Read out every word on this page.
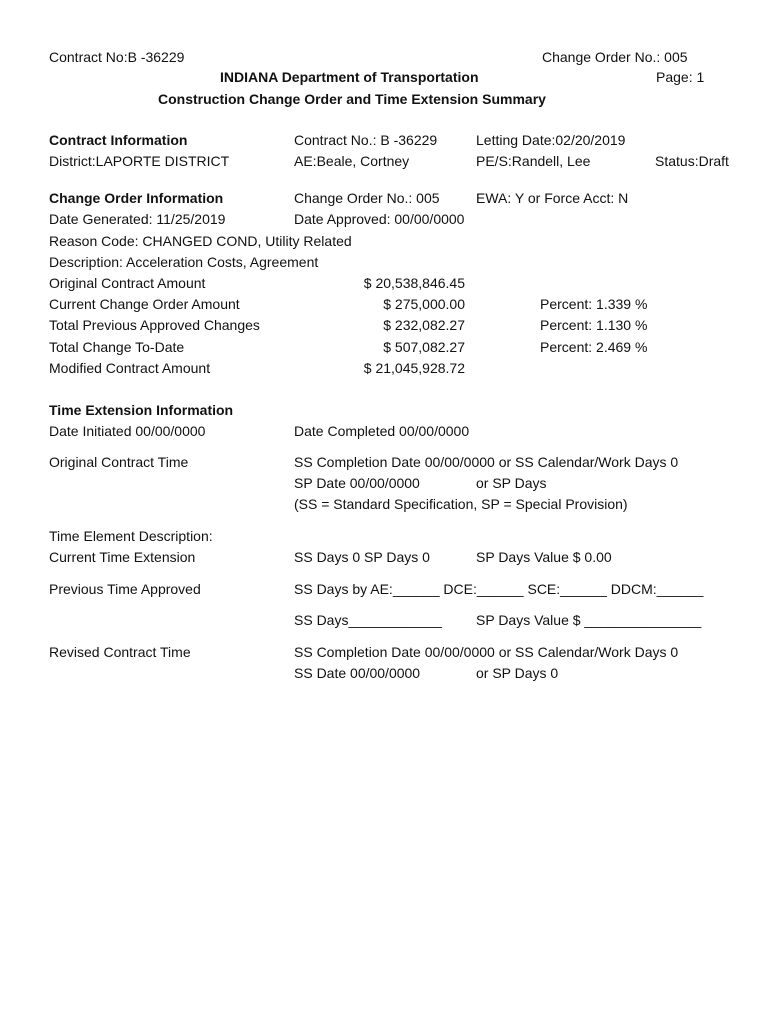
Contract No:B -36229	Change Order No.: 005
INDIANA Department of Transportation	Page: 1
Construction Change Order and Time Extension Summary
Contract Information	Contract No.: B -36229	Letting Date:02/20/2019
District:LAPORTE DISTRICT	AE:Beale, Cortney	PE/S:Randell, Lee	Status:Draft
Change Order Information	Change Order No.: 005	EWA: Y or Force Acct: N
Date Generated: 11/25/2019	Date Approved: 00/00/0000
Reason Code: CHANGED COND, Utility Related
Description: Acceleration Costs, Agreement
Original Contract Amount	$ 20,538,846.45
Current Change Order Amount	$ 275,000.00	Percent: 1.339 %
Total Previous Approved Changes	$ 232,082.27	Percent: 1.130 %
Total Change To-Date	$ 507,082.27	Percent: 2.469 %
Modified Contract Amount	$ 21,045,928.72
Time Extension Information
Date Initiated 00/00/0000	Date Completed 00/00/0000
Original Contract Time	SS Completion Date 00/00/0000 or SS Calendar/Work Days 0
SP Date 00/00/0000	or SP Days
(SS = Standard Specification, SP = Special Provision)
Time Element Description:
Current Time Extension	SS Days 0 SP Days 0	SP Days Value $ 0.00
Previous Time Approved	SS Days by AE:______ DCE:______ SCE:______ DDCM:______
SS Days____________ SP Days Value $ _______________
Revised Contract Time	SS Completion Date 00/00/0000 or SS Calendar/Work Days 0
SS Date 00/00/0000	or SP Days 0
